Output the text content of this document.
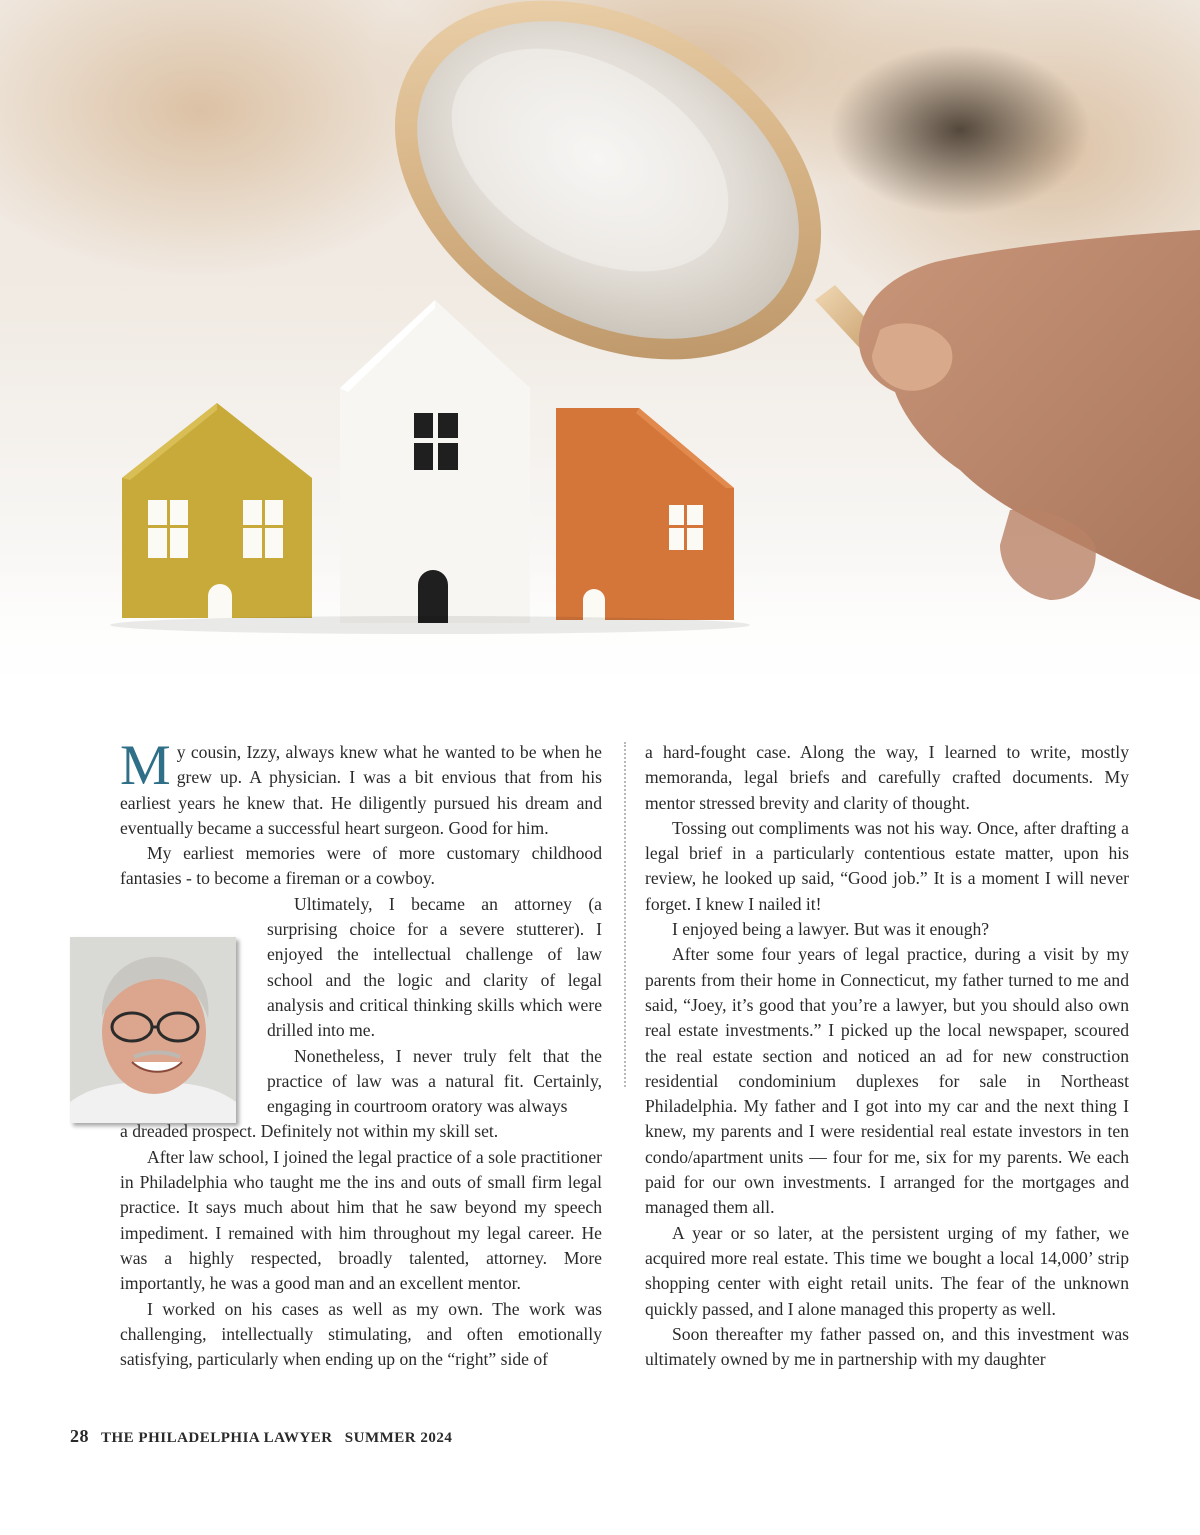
My cousin, Izzy, always knew what he wanted to be when he grew up. A physician. I was a bit envious that from his earliest years he knew that. He diligently pursued his dream and eventually became a successful heart surgeon. Good for him.

My earliest memories were of more customary childhood fantasies - to become a fireman or a cowboy.

Ultimately, I became an attorney (a surprising choice for a severe stutterer). I enjoyed the intellectual challenge of law school and the logic and clarity of legal analysis and critical thinking skills which were drilled into me.

Nonetheless, I never truly felt that the practice of law was a natural fit. Certainly, engaging in courtroom oratory was always

a dreaded prospect. Definitely not within my skill set.

After law school, I joined the legal practice of a sole practitioner in Philadelphia who taught me the ins and outs of small firm legal practice. It says much about him that he saw beyond my speech impediment. I remained with him throughout my legal career. He was a highly respected, broadly talented, attorney. More importantly, he was a good man and an excellent mentor.

I worked on his cases as well as my own. The work was challenging, intellectually stimulating, and often emotionally satisfying, particularly when ending up on the “right” side of

a hard-fought case. Along the way, I learned to write, mostly memoranda, legal briefs and carefully crafted documents. My mentor stressed brevity and clarity of thought.

Tossing out compliments was not his way. Once, after drafting a legal brief in a particularly contentious estate matter, upon his review, he looked up said, “Good job.” It is a moment I will never forget. I knew I nailed it!

I enjoyed being a lawyer. But was it enough?

After some four years of legal practice, during a visit by my parents from their home in Connecticut, my father turned to me and said, “Joey, it’s good that you’re a lawyer, but you should also own real estate investments.” I picked up the local newspaper, scoured the real estate section and noticed an ad for new construction residential condominium duplexes for sale in Northeast Philadelphia. My father and I got into my car and the next thing I knew, my parents and I were residential real estate investors in ten condo/apartment units — four for me, six for my parents. We each paid for our own investments. I arranged for the mortgages and managed them all.

A year or so later, at the persistent urging of my father, we acquired more real estate. This time we bought a local 14,000’ strip shopping center with eight retail units. The fear of the unknown quickly passed, and I alone managed this property as well.

Soon thereafter my father passed on, and this investment was ultimately owned by me in partnership with my daughter

28 THE PHILADELPHIA LAWYER SUMMER 2024
